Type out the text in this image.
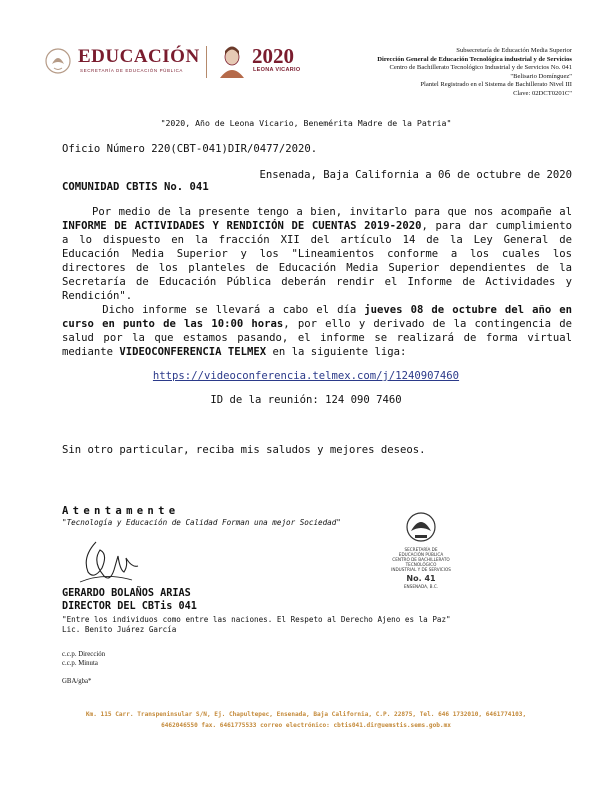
EDUCACIÓN
SECRETARÍA DE EDUCACIÓN PÚBLICA
2020
LEONA VICARIO
Subsecretaría de Educación Media Superior
Dirección General de Educación Tecnológica industrial y de Servicios
Centro de Bachillerato Tecnológico Industrial y de Servicios No. 041
"Belisario Domínguez"
Plantel Registrado en el Sistema de Bachillerato Nivel III
Clave: 02DCT0201C"
"2020, Año de Leona Vicario, Benemérita Madre de la Patria"
Oficio Número 220(CBT-041)DIR/0477/2020.
Ensenada, Baja California a 06 de octubre de 2020
COMUNIDAD CBTIS No. 041
Por medio de la presente tengo a bien, invitarlo para que nos acompañe al INFORME DE ACTIVIDADES Y RENDICIÓN DE CUENTAS 2019-2020, para dar cumplimiento a lo dispuesto en la fracción XII del artículo 14 de la Ley General de Educación Media Superior y los "Lineamientos conforme a los cuales los directores de los planteles de Educación Media Superior dependientes de la Secretaría de Educación Pública deberán rendir el Informe de Actividades y Rendición".
Dicho informe se llevará a cabo el día jueves 08 de octubre del año en curso en punto de las 10:00 horas, por ello y derivado de la contingencia de salud por la que estamos pasando, el informe se realizará de forma virtual mediante VIDEOCONFERENCIA TELMEX en la siguiente liga:
https://videoconferencia.telmex.com/j/1240907460
ID de la reunión: 124 090 7460
Sin otro particular, reciba mis saludos y mejores deseos.
Atentamente
"Tecnología y Educación de Calidad Forman una mejor Sociedad"
SECRETARÍA DE
EDUCACIÓN PÚBLICA
CENTRO DE BACHILLERATO
TECNOLÓGICO
INDUSTRIAL Y DE SERVICIOS
No. 41
ENSENADA, B.C.
GERARDO BOLAÑOS ARIAS
DIRECTOR DEL CBTis 041
"Entre los individuos como entre las naciones. El Respeto al Derecho Ajeno es la Paz"
Lic. Benito Juárez García
c.c.p. Dirección
c.c.p. Minuta
GBA/gba*
Km. 115 Carr. Transpeninsular S/N, Ej. Chapultepec, Ensenada, Baja California, C.P. 22875, Tel. 646 1732010, 6461774103,
6462046550 fax. 6461775533 correo electrónico: cbtis041.dir@uemstis.sems.gob.mx
